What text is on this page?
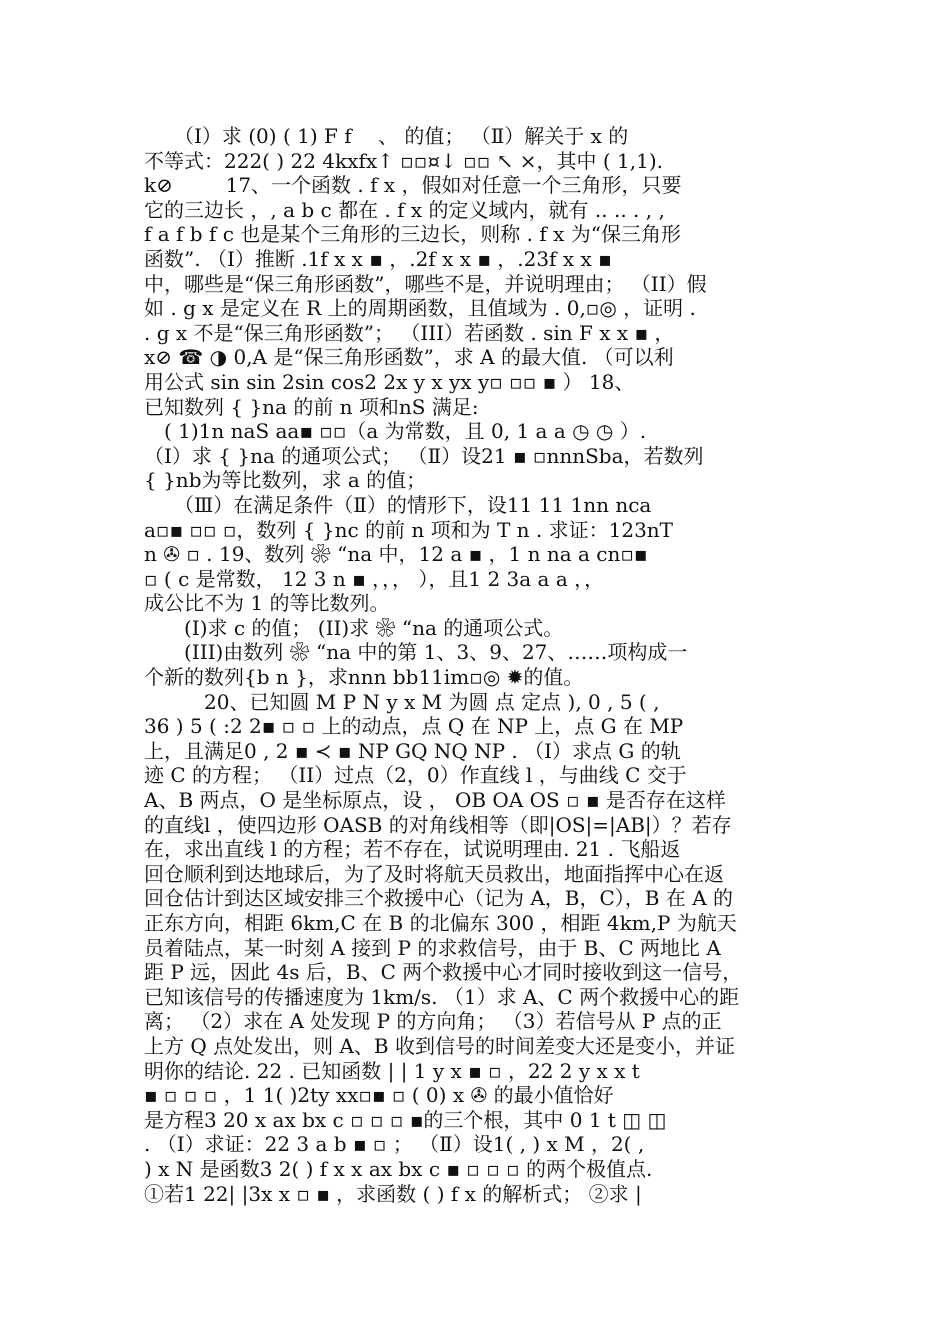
　　（Ⅰ）求 (0) ( 1) F f 　、 的值； （Ⅱ）解关于 x 的
不等式：222( ) 22 4kxfx↑ ▫▫¤↓ ▫▫ ↖ ×，其中 ( 1,1).
k⊘ 　　 17、一个函数 . f x ，假如对任意一个三角形，只要
它的三边长 ，, a b c 都在 . f x 的定义域内，就有 .. .. . , ,
f a f b f c 也是某个三角形的三边长，则称 . f x 为“保三角形
函数”. （I）推断 .1f x x ▪ ，.2f x x ▪ ，.23f x x ▪
中，哪些是“保三角形函数”，哪些不是，并说明理由； （II）假
如 . g x 是定义在 R 上的周期函数，且值域为 . 0,▫◎ ，证明 .
. g x 不是“保三角形函数”； （III）若函数 . sin F x x ▪ ，
x⊘ ☎ ◑ 0,A 是“保三角形函数”，求 A 的最大值. （可以利
用公式 sin sin 2sin cos2 2x y x yx y▫ ▫▫ ▪ ） 18、
已知数列 { }na 的前 n 项和nS 满足:
　( 1)1n naS aa▪ ▫▫（a 为常数，且 0, 1 a a ◷ ◷ ）.
（Ⅰ）求 { }na 的通项公式； （Ⅱ）设21 ▪ ▫nnnSba，若数列
{ }nb为等比数列，求 a 的值；
　　（Ⅲ）在满足条件（Ⅱ）的情形下，设11 11 1nn nca
a▫▪ ▫▫ ▫，数列 { }nc 的前 n 项和为 T n . 求证：123nT
n ✇ ▫ . 19、数列 ❀ “na 中，12 a ▪ ，1 n na a cn▫▪
▫ ( c 是常数， 12 3 n ▪ ，，， ），且1 2 3a a a ，，
成公比不为 1 的等比数列。
　　(I)求 c 的值； (II)求 ❀ “na 的通项公式。
　　(III)由数列 ❀ “na 中的第 1、3、9、27、……项构成一
个新的数列{b n }，求nnn bb11im▫◎ ✹的值。
　　　20、已知圆 M P N y x M 为圆 点 定点 ), 0 , 5 ( ,
36 ) 5 ( :2 2▪ ▫ ▫ 上的动点，点 Q 在 NP 上，点 G 在 MP
上，且满足0 , 2 ▪ ≺ ▪ NP GQ NQ NP . （I）求点 G 的轨
迹 C 的方程； （II）过点（2，0）作直线 l ，与曲线 C 交于
A、B 两点，O 是坐标原点，设 ， OB OA OS ▫ ▪ 是否存在这样
的直线l ，使四边形 OASB 的对角线相等（即|OS|=|AB|）？若存
在，求出直线 l 的方程；若不存在，试说明理由. 21 . 飞船返
回仓顺利到达地球后，为了及时将航天员救出，地面指挥中心在返
回仓估计到达区域安排三个救援中心（记为 A，B，C），B 在 A 的
正东方向，相距 6km,C 在 B 的北偏东 300 ，相距 4km,P 为航天
员着陆点，某一时刻 A 接到 P 的求救信号，由于 B、C 两地比 A
距 P 远，因此 4s 后，B、C 两个救援中心才同时接收到这一信号，
已知该信号的传播速度为 1km/s. （1）求 A、C 两个救援中心的距
离； （2）求在 A 处发现 P 的方向角； （3）若信号从 P 点的正
上方 Q 点处发出，则 A、B 收到信号的时间差变大还是变小，并证
明你的结论. 22 . 已知函数 | | 1 y x ▪ ▫ ，22 2 y x x t
▪ ▫ ▫ ▫ ，1 1( )2ty xx▫▪ ▫ ( 0) x ✇ 的最小值恰好
是方程3 20 x ax bx c ▫ ▫ ▫ ▪的三个根，其中 0 1 t ◫ ◫
. （Ⅰ）求证：22 3 a b ▪ ▫ ； （Ⅱ）设1( , ) x M ，2( ,
) x N 是函数3 2( ) f x x ax bx c ▪ ▫ ▫ ▫ 的两个极值点.
①若1 22| |3x x ▫ ▪ ，求函数 ( ) f x 的解析式； ②求 |
